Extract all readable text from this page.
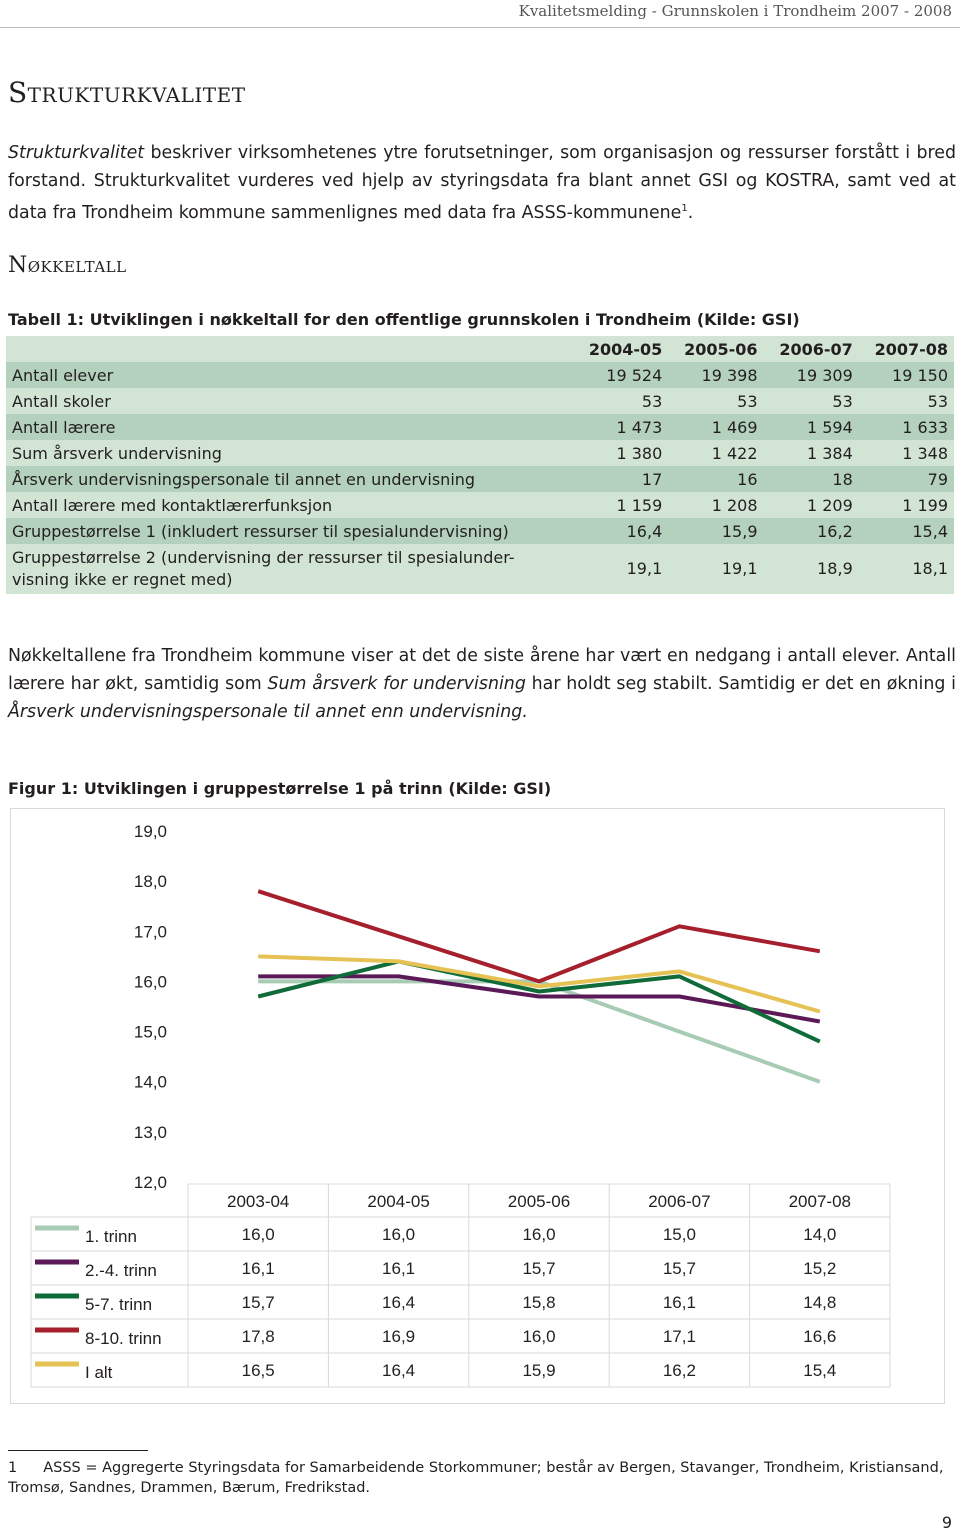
Kvalitetsmelding - Grunnskolen i Trondheim 2007 - 2008
Strukturkvalitet

Strukturkvalitet beskriver virksomhetenes ytre forutsetninger, som organisasjon og ressurser forstått i bred forstand. Strukturkvalitet vurderes ved hjelp av styringsdata fra blant annet GSI og KOSTRA, samt ved at data fra Trondheim kommune sammenlignes med data fra ASSS-kommunene$^1$.

Nøkkeltall

Tabell 1: Utviklingen i nøkkeltall for den offentlige grunnskolen i Trondheim (Kilde: GSI)

	2004-05	2005-06	2006-07	2007-08
Antall elever	19 524	19 398	19 309	19 150
Antall skoler	53	53	53	53
Antall lærere	1 473	1 469	1 594	1 633
Sum årsverk undervisning	1 380	1 422	1 384	1 348
Årsverk undervisningspersonale til annet en undervisning	17	16	18	79
Antall lærere med kontaktlærerfunksjon	1 159	1 208	1 209	1 199
Gruppestørrelse 1 (inkludert ressurser til spesialundervisning)	16,4	15,9	16,2	15,4
Gruppestørrelse 2 (undervisning der ressurser til spesialunder-
visning ikke er regnet med)	19,1	19,1	18,9	18,1

Nøkkeltallene fra Trondheim kommune viser at det de siste årene har vært en nedgang i antall elever. Antall lærere har økt, samtidig som Sum årsverk for undervisning har holdt seg stabilt. Samtidig er det en økning i Årsverk undervisningspersonale til annet enn undervisning.

Figur 1: Utviklingen i gruppestørrelse 1 på trinn (Kilde: GSI)

19,0
18,0
17,0
16,0
15,0
14,0
13,0
12,0
2003-04	2004-05	2005-06	2006-07	2007-08
1. trinn	16,0	16,0	16,0	15,0	14,0
2.-4. trinn	16,1	16,1	15,7	15,7	15,2
5-7. trinn	15,7	16,4	15,8	16,1	14,8
8-10. trinn	17,8	16,9	16,0	17,1	16,6
I alt	16,5	16,4	15,9	16,2	15,4

1 ASSS = Aggregerte Styringsdata for Samarbeidende Storkommuner; består av Bergen, Stavanger, Trondheim, Kristiansand, Tromsø, Sandnes, Drammen, Bærum, Fredrikstad.

9
